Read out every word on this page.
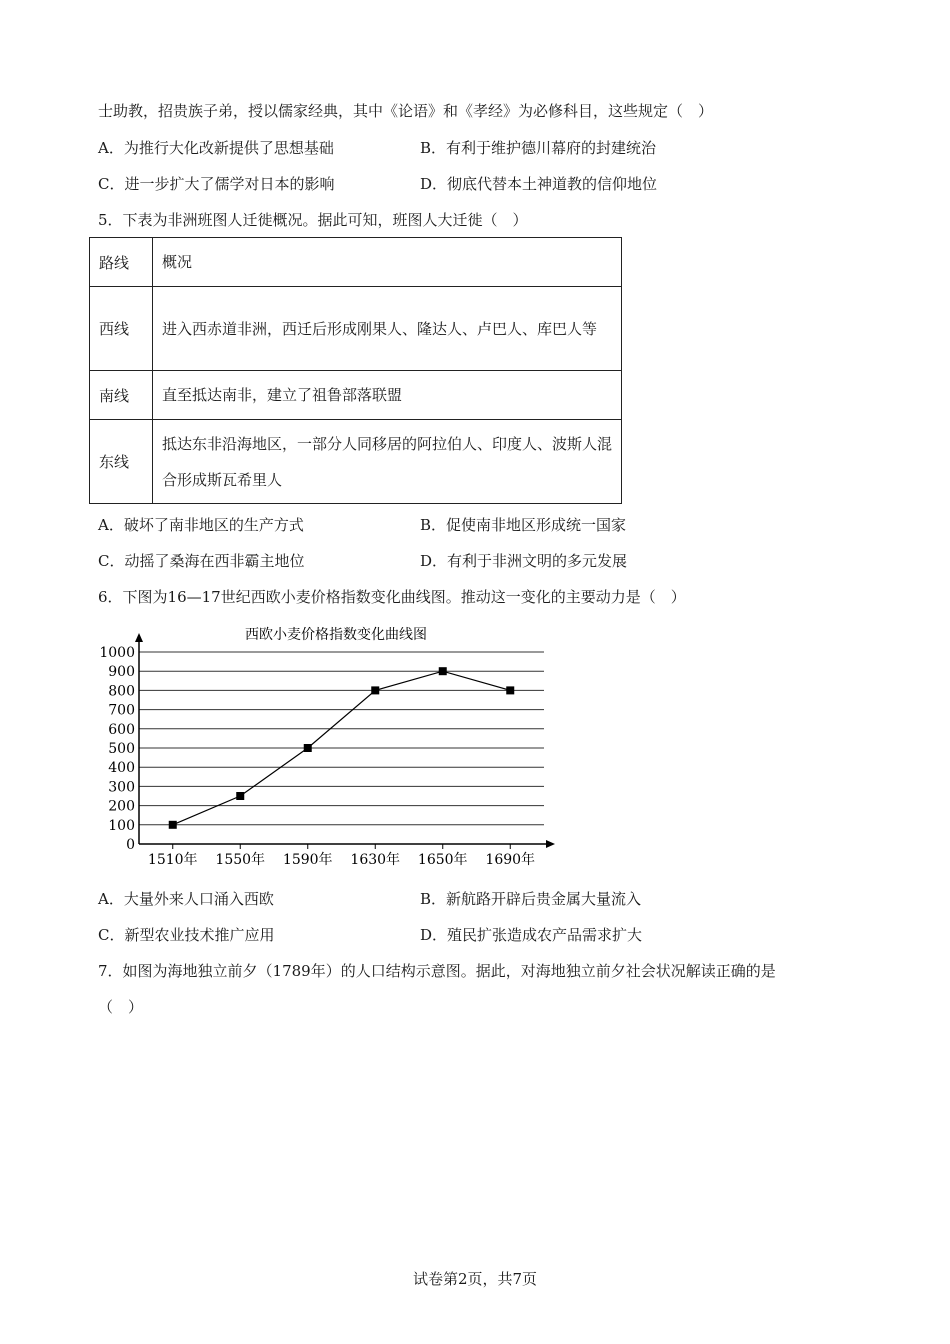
士助教，招贵族子弟，授以儒家经典，其中《论语》和《孝经》为必修科目，这些规定（　）
A．为推行大化改新提供了思想基础	B．有利于维护德川幕府的封建统治
C．进一步扩大了儒学对日本的影响	D．彻底代替本土神道教的信仰地位
5．下表为非洲班图人迁徙概况。据此可知，班图人大迁徙（　）
路线	概况
西线	进入西赤道非洲，西迁后形成刚果人、隆达人、卢巴人、库巴人等
南线	直至抵达南非，建立了祖鲁部落联盟
东线	抵达东非沿海地区，一部分人同移居的阿拉伯人、印度人、波斯人混合形成斯瓦希里人
A．破坏了南非地区的生产方式	B．促使南非地区形成统一国家
C．动摇了桑海在西非霸主地位	D．有利于非洲文明的多元发展
6．下图为16—17世纪西欧小麦价格指数变化曲线图。推动这一变化的主要动力是（　）
西欧小麦价格指数变化曲线图
0
100
200
300
400
500
600
700
800
900
1000
1510年 1550年 1590年 1630年 1650年 1690年
A．大量外来人口涌入西欧	B．新航路开辟后贵金属大量流入
C．新型农业技术推广应用	D．殖民扩张造成农产品需求扩大
7．如图为海地独立前夕（1789年）的人口结构示意图。据此，对海地独立前夕社会状况解读正确的是
（　）
试卷第2页，共7页
